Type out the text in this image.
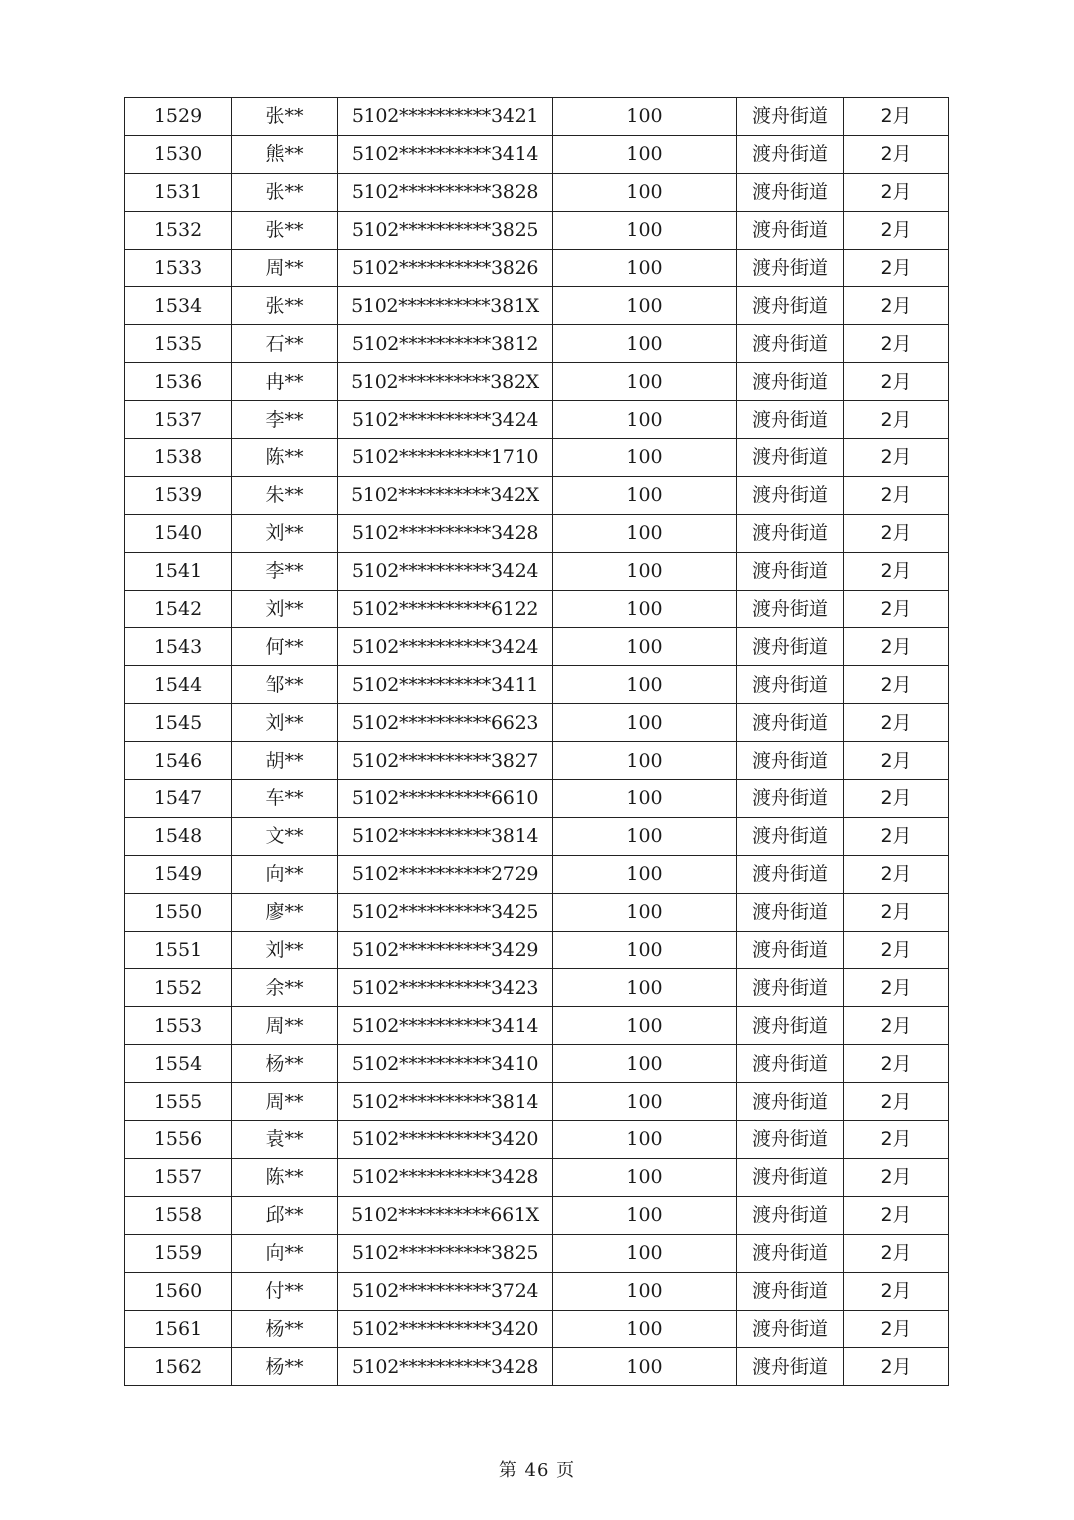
1529	张**	5102**********3421	100	渡舟街道	2月
1530	熊**	5102**********3414	100	渡舟街道	2月
1531	张**	5102**********3828	100	渡舟街道	2月
1532	张**	5102**********3825	100	渡舟街道	2月
1533	周**	5102**********3826	100	渡舟街道	2月
1534	张**	5102**********381X	100	渡舟街道	2月
1535	石**	5102**********3812	100	渡舟街道	2月
1536	冉**	5102**********382X	100	渡舟街道	2月
1537	李**	5102**********3424	100	渡舟街道	2月
1538	陈**	5102**********1710	100	渡舟街道	2月
1539	朱**	5102**********342X	100	渡舟街道	2月
1540	刘**	5102**********3428	100	渡舟街道	2月
1541	李**	5102**********3424	100	渡舟街道	2月
1542	刘**	5102**********6122	100	渡舟街道	2月
1543	何**	5102**********3424	100	渡舟街道	2月
1544	邹**	5102**********3411	100	渡舟街道	2月
1545	刘**	5102**********6623	100	渡舟街道	2月
1546	胡**	5102**********3827	100	渡舟街道	2月
1547	车**	5102**********6610	100	渡舟街道	2月
1548	文**	5102**********3814	100	渡舟街道	2月
1549	向**	5102**********2729	100	渡舟街道	2月
1550	廖**	5102**********3425	100	渡舟街道	2月
1551	刘**	5102**********3429	100	渡舟街道	2月
1552	余**	5102**********3423	100	渡舟街道	2月
1553	周**	5102**********3414	100	渡舟街道	2月
1554	杨**	5102**********3410	100	渡舟街道	2月
1555	周**	5102**********3814	100	渡舟街道	2月
1556	袁**	5102**********3420	100	渡舟街道	2月
1557	陈**	5102**********3428	100	渡舟街道	2月
1558	邱**	5102**********661X	100	渡舟街道	2月
1559	向**	5102**********3825	100	渡舟街道	2月
1560	付**	5102**********3724	100	渡舟街道	2月
1561	杨**	5102**********3420	100	渡舟街道	2月
1562	杨**	5102**********3428	100	渡舟街道	2月
第 46 页
